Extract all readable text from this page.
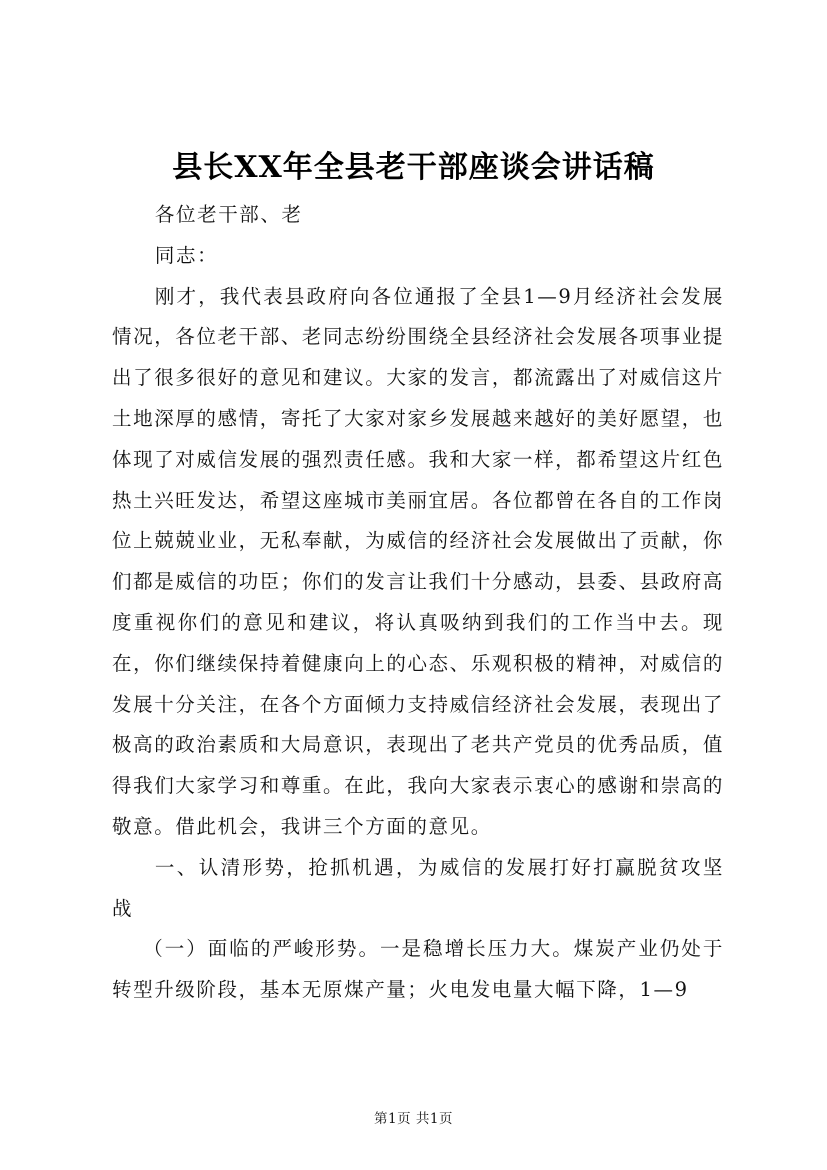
县长XX年全县老干部座谈会讲话稿

各位老干部、老

同志：

刚才，我代表县政府向各位通报了全县1—9月经济社会发展情况，各位老干部、老同志纷纷围绕全县经济社会发展各项事业提出了很多很好的意见和建议。大家的发言，都流露出了对威信这片土地深厚的感情，寄托了大家对家乡发展越来越好的美好愿望，也体现了对威信发展的强烈责任感。我和大家一样，都希望这片红色热土兴旺发达，希望这座城市美丽宜居。各位都曾在各自的工作岗位上兢兢业业，无私奉献，为威信的经济社会发展做出了贡献，你们都是威信的功臣；你们的发言让我们十分感动，县委、县政府高度重视你们的意见和建议，将认真吸纳到我们的工作当中去。现在，你们继续保持着健康向上的心态、乐观积极的精神，对威信的发展十分关注，在各个方面倾力支持威信经济社会发展，表现出了极高的政治素质和大局意识，表现出了老共产党员的优秀品质，值得我们大家学习和尊重。在此，我向大家表示衷心的感谢和崇高的敬意。借此机会，我讲三个方面的意见。

一、认清形势，抢抓机遇，为威信的发展打好打赢脱贫攻坚战

（一）面临的严峻形势。一是稳增长压力大。煤炭产业仍处于转型升级阶段，基本无原煤产量；火电发电量大幅下降，1—9

第1页 共1页
